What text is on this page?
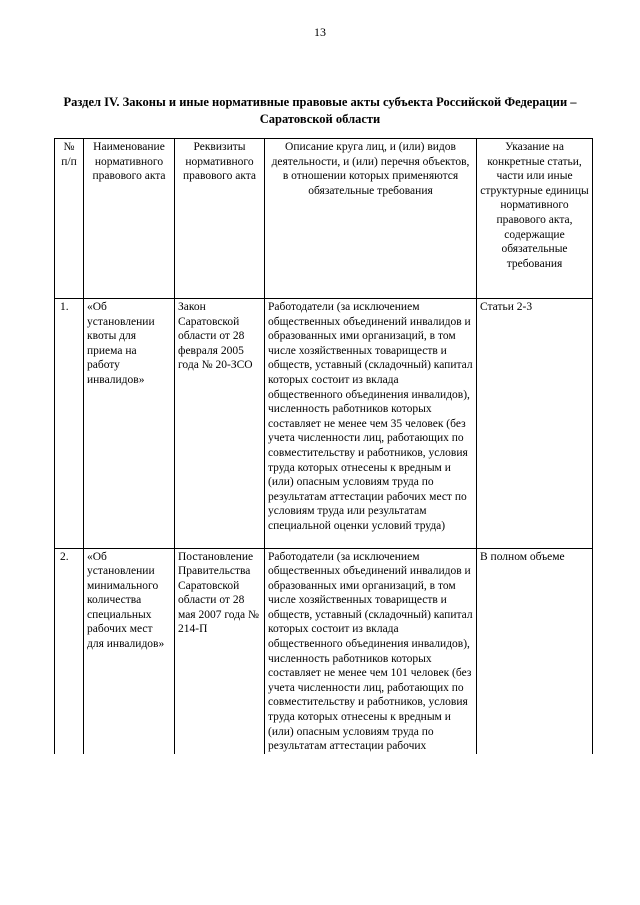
13
Раздел IV. Законы и иные нормативные правовые акты субъекта Российской Федерации –
Саратовской области
№ п/п	Наименование нормативного правового акта	Реквизиты нормативного правового акта	Описание круга лиц, и (или) видов деятельности, и (или) перечня объектов, в отношении которых применяются обязательные требования	Указание на конкретные статьи, части или иные структурные единицы нормативного правового акта, содержащие обязательные требования
1.	«Об установлении квоты для приема на работу инвалидов»	Закон Саратовской области от 28 февраля 2005 года № 20-ЗСО	Работодатели (за исключением общественных объединений инвалидов и образованных ими организаций, в том числе хозяйственных товариществ и обществ, уставный (складочный) капитал которых состоит из вклада общественного объединения инвалидов), численность работников которых составляет не менее чем 35 человек (без учета численности лиц, работающих по совместительству и работников, условия труда которых отнесены к вредным и (или) опасным условиям труда по результатам аттестации рабочих мест по условиям труда или результатам специальной оценки условий труда)	Статьи 2-3
2.	«Об установлении минимального количества специальных рабочих мест для инвалидов»	Постановление Правительства Саратовской области от 28 мая 2007 года № 214-П	Работодатели (за исключением общественных объединений инвалидов и образованных ими организаций, в том числе хозяйственных товариществ и обществ, уставный (складочный) капитал которых состоит из вклада общественного объединения инвалидов), численность работников которых составляет не менее чем 101 человек (без учета численности лиц, работающих по совместительству и работников, условия труда которых отнесены к вредным и (или) опасным условиям труда по результатам аттестации рабочих	В полном объеме
